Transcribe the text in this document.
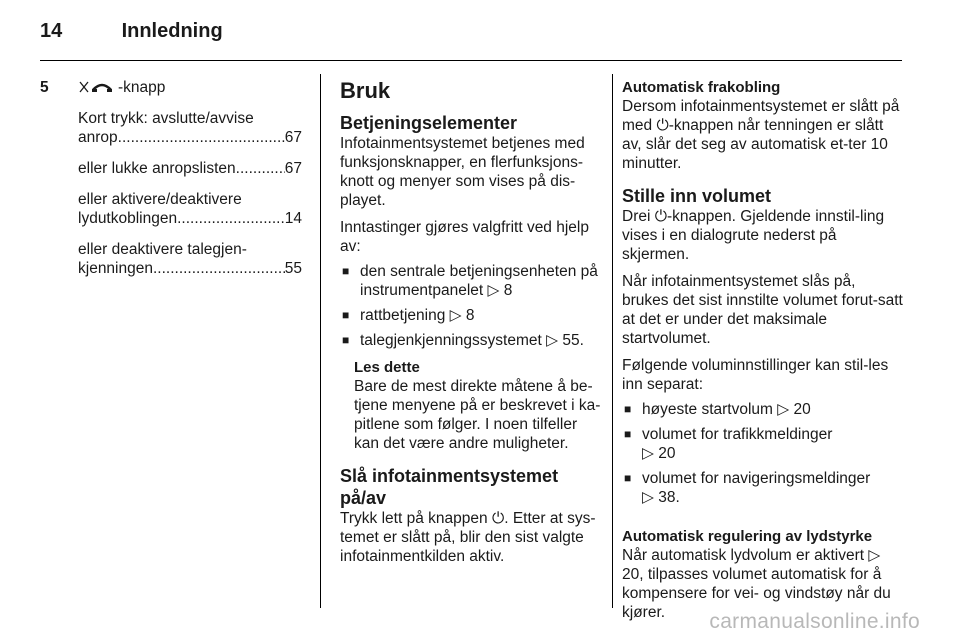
14	Innledning
5	-knapp
Kort trykk: avslutte/avvise
anrop .....	67
eller lukke anropslisten .....	67
eller aktivere/deaktivere
lydutkoblingen .....	14
eller deaktivere talegjen-
kjenningen .....	55
Bruk
Betjeningselementer

Infotainmentsystemet betjenes med funksjonsknapper, en flerfunksjons-knott og menyer som vises på dis-playet.

Inntastinger gjøres valgfritt ved hjelp av:

■ den sentrale betjeningsenheten på instrumentpanelet ▷ 8
■ rattbetjening ▷ 8
■ talegjenkjenningssystemet ▷ 55.
Les dette

Bare de mest direkte måtene å be-tjene menyene på er beskrevet i ka-pitlene som følger. I noen tilfeller kan det være andre muligheter.

Slå infotainmentsystemet på/av

Trykk lett på knappen ⏻. Etter at sys-temet er slått på, blir den sist valgte infotainmentkilden aktiv.

Automatisk frakobling

Dersom infotainmentsystemet er slått på med ⏻-knappen når tenningen er slått av, slår det seg av automatisk et-ter 10 minutter.

Stille inn volumet

Drei ⏻-knappen. Gjeldende innstil-ling vises i en dialogrute nederst på skjermen.

Når infotainmentsystemet slås på, brukes det sist innstilte volumet forut-satt at det er under det maksimale startvolumet.

Følgende voluminnstillinger kan stil-les inn separat:

■ høyeste startvolum ▷ 20
■ volumet for trafikkmeldinger
▷ 20
■ volumet for navigeringsmeldinger
▷ 38.
Automatisk regulering av lydstyrke

Når automatisk lydvolum er aktivert ▷ 20, tilpasses volumet automatisk for å kompensere for vei- og vindstøy når du kjører.	carmanualsonline.info
